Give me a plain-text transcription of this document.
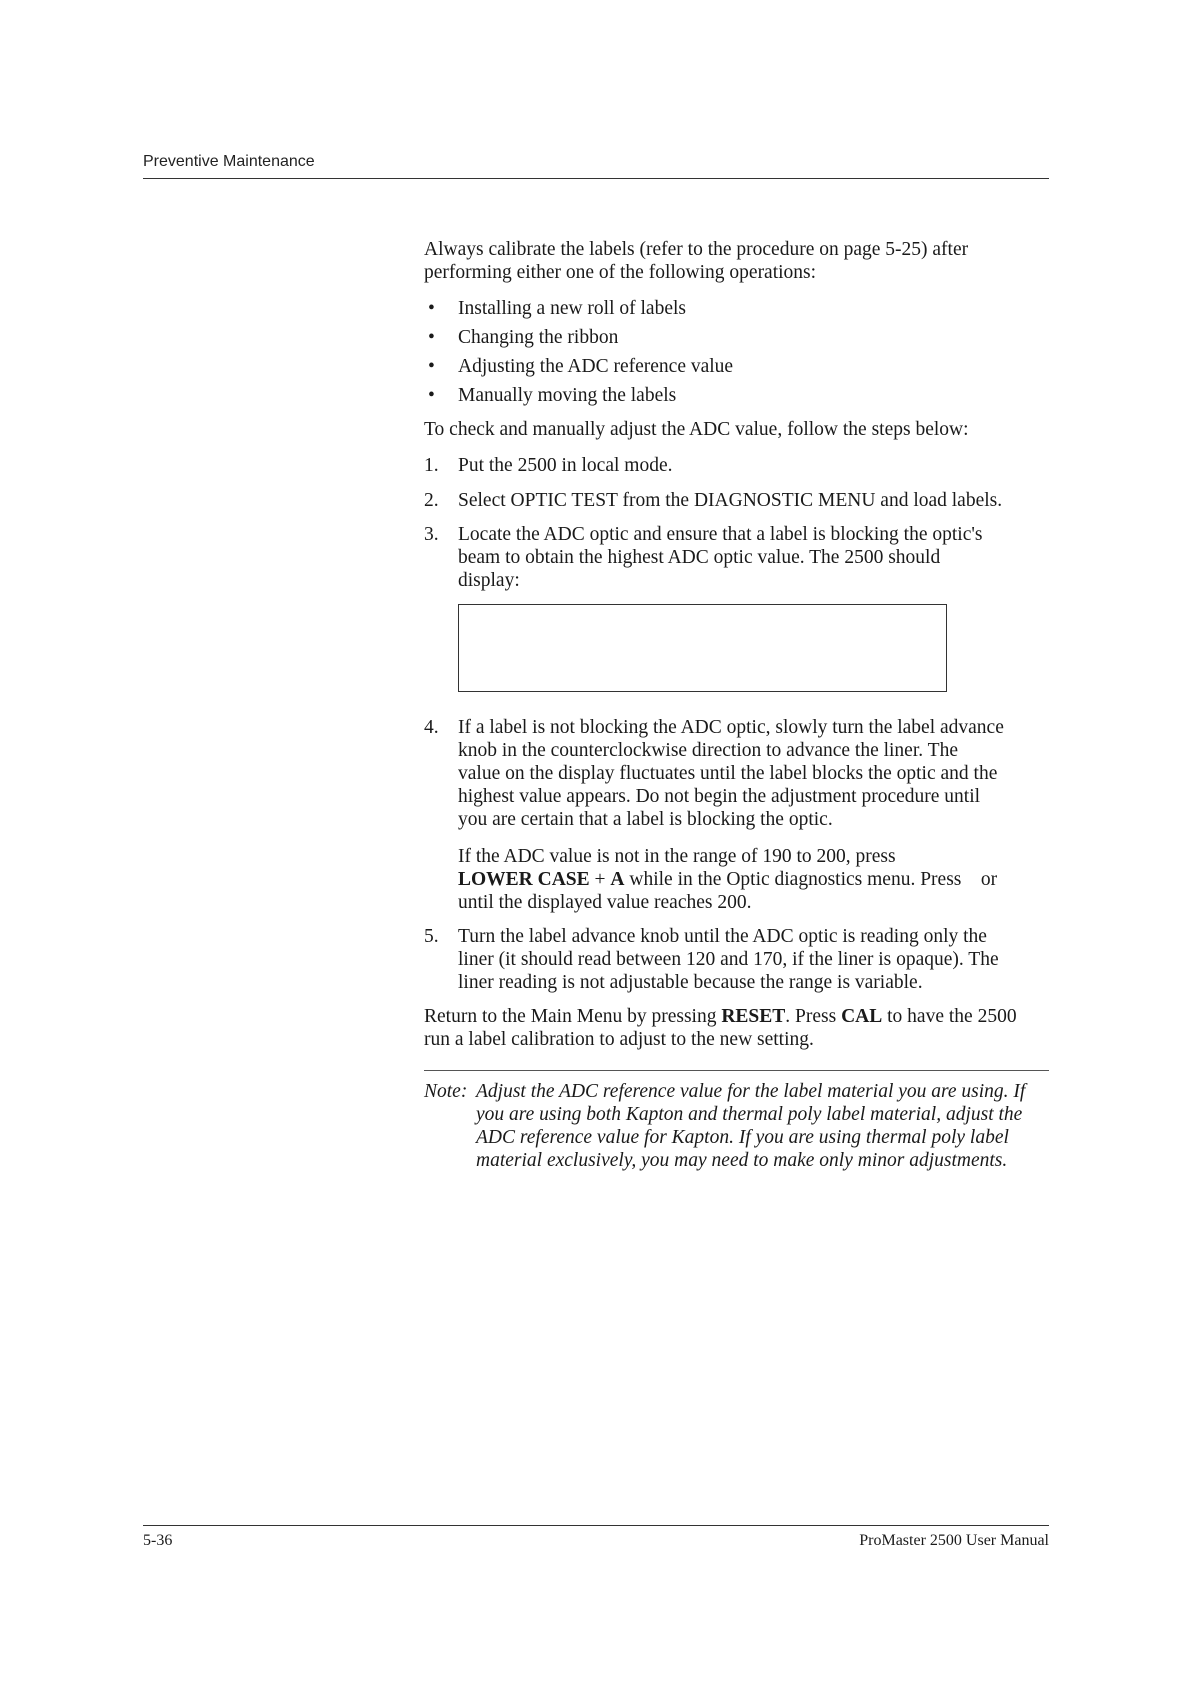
Preventive Maintenance
Always calibrate the labels (refer to the procedure on page 5-25) after
performing either one of the following operations:
• Installing a new roll of labels
• Changing the ribbon
• Adjusting the ADC reference value
• Manually moving the labels
To check and manually adjust the ADC value, follow the steps below:
1. Put the 2500 in local mode.
2. Select OPTIC TEST from the DIAGNOSTIC MENU and load labels.
3. Locate the ADC optic and ensure that a label is blocking the optic's
beam to obtain the highest ADC optic value. The 2500 should
display:
4. If a label is not blocking the ADC optic, slowly turn the label advance
knob in the counterclockwise direction to advance the liner. The
value on the display fluctuates until the label blocks the optic and the
highest value appears. Do not begin the adjustment procedure until
you are certain that a label is blocking the optic.
If the ADC value is not in the range of 190 to 200, press
LOWER CASE + A while in the Optic diagnostics menu. Press    or
until the displayed value reaches 200.
5. Turn the label advance knob until the ADC optic is reading only the
liner (it should read between 120 and 170, if the liner is opaque). The
liner reading is not adjustable because the range is variable.
Return to the Main Menu by pressing RESET. Press CAL to have the 2500
run a label calibration to adjust to the new setting.
Note: Adjust the ADC reference value for the label material you are using. If
you are using both Kapton and thermal poly label material, adjust the
ADC reference value for Kapton. If you are using thermal poly label
material exclusively, you may need to make only minor adjustments.
5-36	ProMaster 2500 User Manual
